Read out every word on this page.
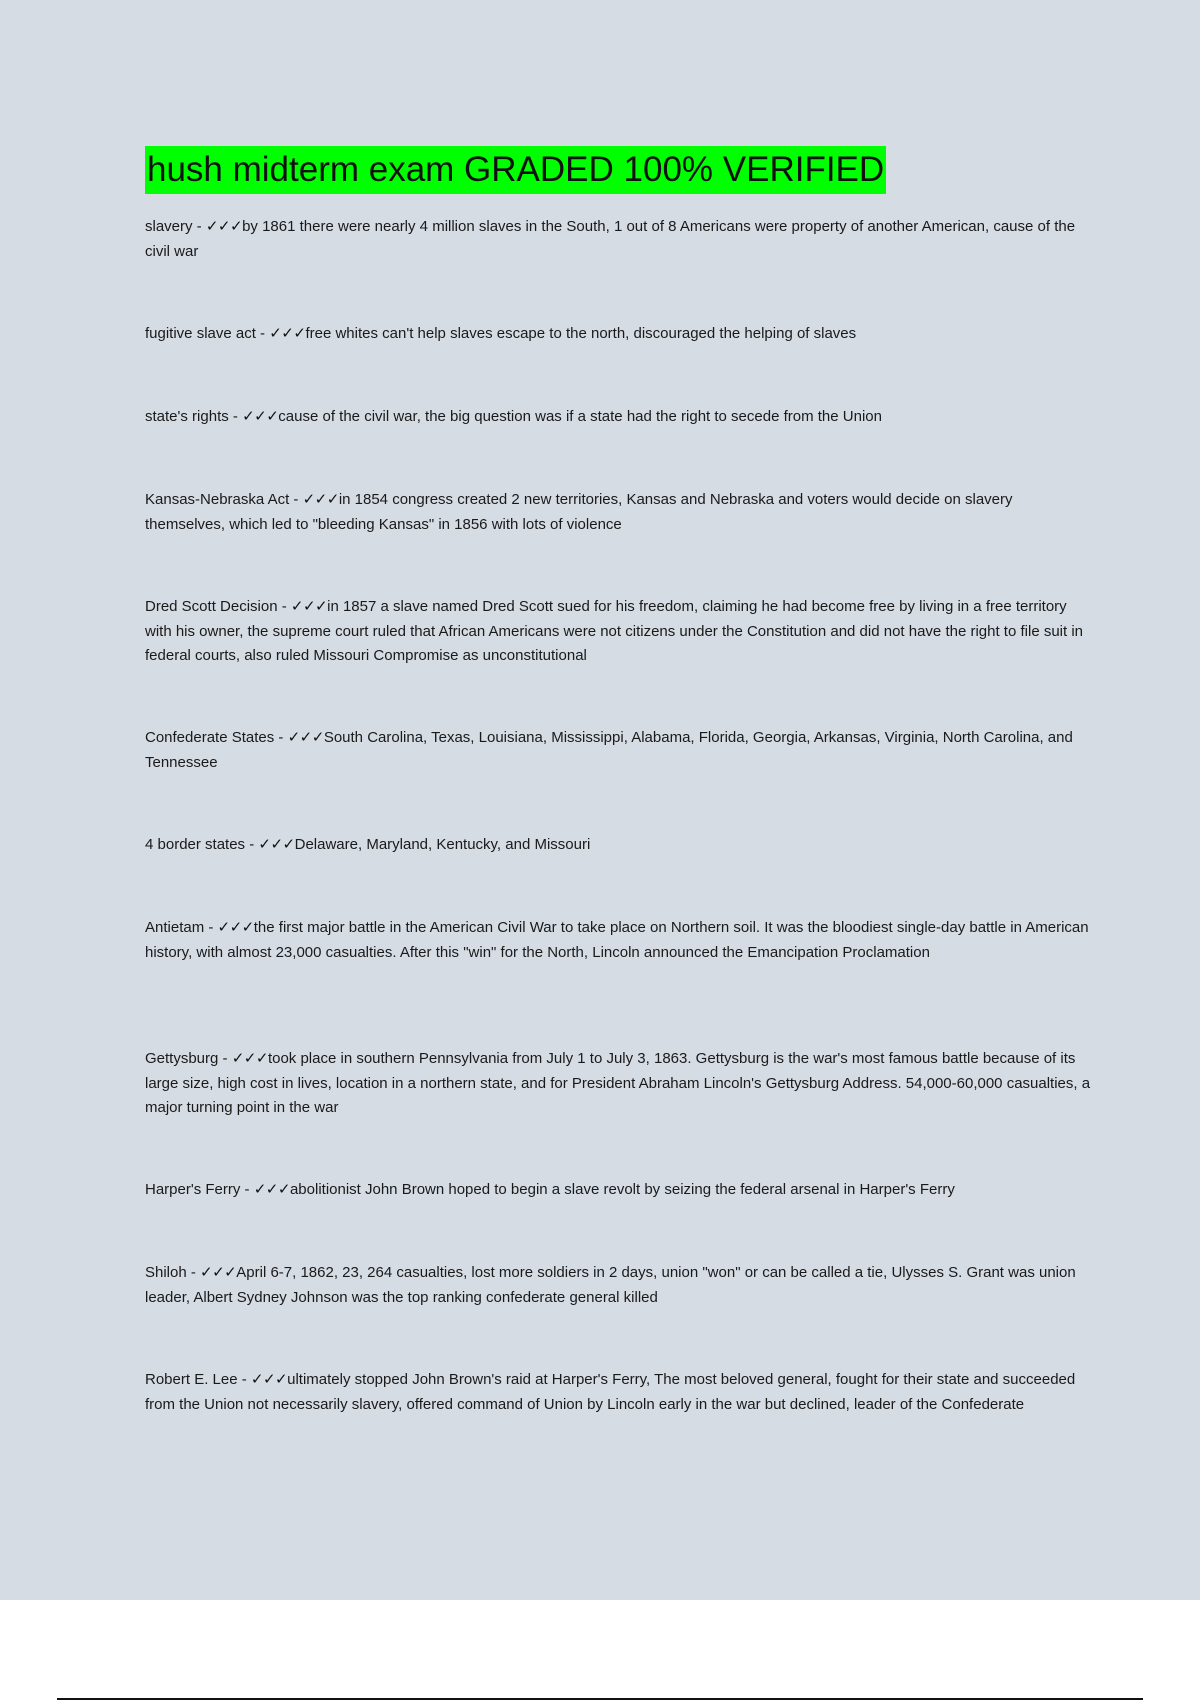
hush midterm exam GRADED 100% VERIFIED

slavery - ✓✓✓by 1861 there were nearly 4 million slaves in the South, 1 out of 8 Americans were property of another American, cause of the civil war

fugitive slave act - ✓✓✓free whites can't help slaves escape to the north, discouraged the helping of slaves

state's rights - ✓✓✓cause of the civil war, the big question was if a state had the right to secede from the Union

Kansas-Nebraska Act - ✓✓✓in 1854 congress created 2 new territories, Kansas and Nebraska and voters would decide on slavery themselves, which led to "bleeding Kansas" in 1856 with lots of violence

Dred Scott Decision - ✓✓✓in 1857 a slave named Dred Scott sued for his freedom, claiming he had become free by living in a free territory with his owner, the supreme court ruled that African Americans were not citizens under the Constitution and did not have the right to file suit in federal courts, also ruled Missouri Compromise as unconstitutional

Confederate States - ✓✓✓South Carolina, Texas, Louisiana, Mississippi, Alabama, Florida, Georgia, Arkansas, Virginia, North Carolina, and Tennessee

4 border states - ✓✓✓Delaware, Maryland, Kentucky, and Missouri

Antietam - ✓✓✓the first major battle in the American Civil War to take place on Northern soil. It was the bloodiest single-day battle in American history, with almost 23,000 casualties. After this "win" for the North, Lincoln announced the Emancipation Proclamation

Gettysburg - ✓✓✓took place in southern Pennsylvania from July 1 to July 3, 1863. Gettysburg is the war's most famous battle because of its large size, high cost in lives, location in a northern state, and for President Abraham Lincoln's Gettysburg Address. 54,000-60,000 casualties, a major turning point in the war

Harper's Ferry - ✓✓✓abolitionist John Brown hoped to begin a slave revolt by seizing the federal arsenal in Harper's Ferry

Shiloh - ✓✓✓April 6-7, 1862, 23, 264 casualties, lost more soldiers in 2 days, union "won" or can be called a tie, Ulysses S. Grant was union leader, Albert Sydney Johnson was the top ranking confederate general killed

Robert E. Lee - ✓✓✓ultimately stopped John Brown's raid at Harper's Ferry, The most beloved general, fought for their state and succeeded from the Union not necessarily slavery, offered command of Union by Lincoln early in the war but declined, leader of the Confederate
